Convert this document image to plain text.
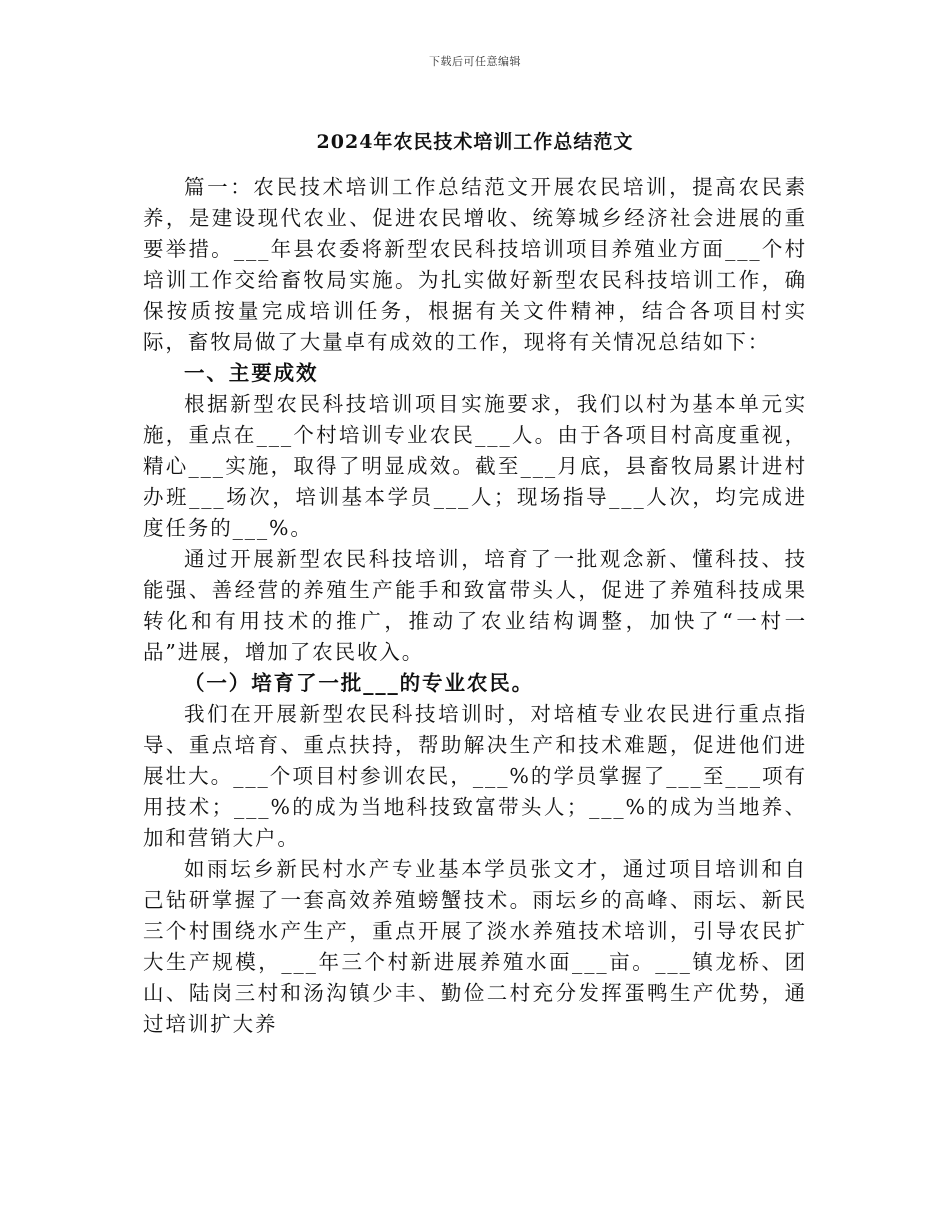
下载后可任意编辑
2024年农民技术培训工作总结范文

篇一：农民技术培训工作总结范文开展农民培训，提高农民素养，是建设现代农业、促进农民增收、统筹城乡经济社会进展的重要举措。___年县农委将新型农民科技培训项目养殖业方面___个村培训工作交给畜牧局实施。为扎实做好新型农民科技培训工作，确保按质按量完成培训任务，根据有关文件精神，结合各项目村实际，畜牧局做了大量卓有成效的工作，现将有关情况总结如下：

一、主要成效

根据新型农民科技培训项目实施要求，我们以村为基本单元实施，重点在___个村培训专业农民___人。由于各项目村高度重视，精心___实施，取得了明显成效。截至___月底，县畜牧局累计进村办班___场次，培训基本学员___人；现场指导___人次，均完成进度任务的___%。

通过开展新型农民科技培训，培育了一批观念新、懂科技、技能强、善经营的养殖生产能手和致富带头人，促进了养殖科技成果转化和有用技术的推广，推动了农业结构调整，加快了“一村一品”进展，增加了农民收入。

（一）培育了一批___的专业农民。

我们在开展新型农民科技培训时，对培植专业农民进行重点指导、重点培育、重点扶持，帮助解决生产和技术难题，促进他们进展壮大。___个项目村参训农民，___%的学员掌握了___至___项有用技术；___%的成为当地科技致富带头人；___%的成为当地养、加和营销大户。

如雨坛乡新民村水产专业基本学员张文才，通过项目培训和自己钻研掌握了一套高效养殖螃蟹技术。雨坛乡的高峰、雨坛、新民三个村围绕水产生产，重点开展了淡水养殖技术培训，引导农民扩大生产规模，___年三个村新进展养殖水面___亩。___镇龙桥、团山、陆岗三村和汤沟镇少丰、勤俭二村充分发挥蛋鸭生产优势，通过培训扩大养
